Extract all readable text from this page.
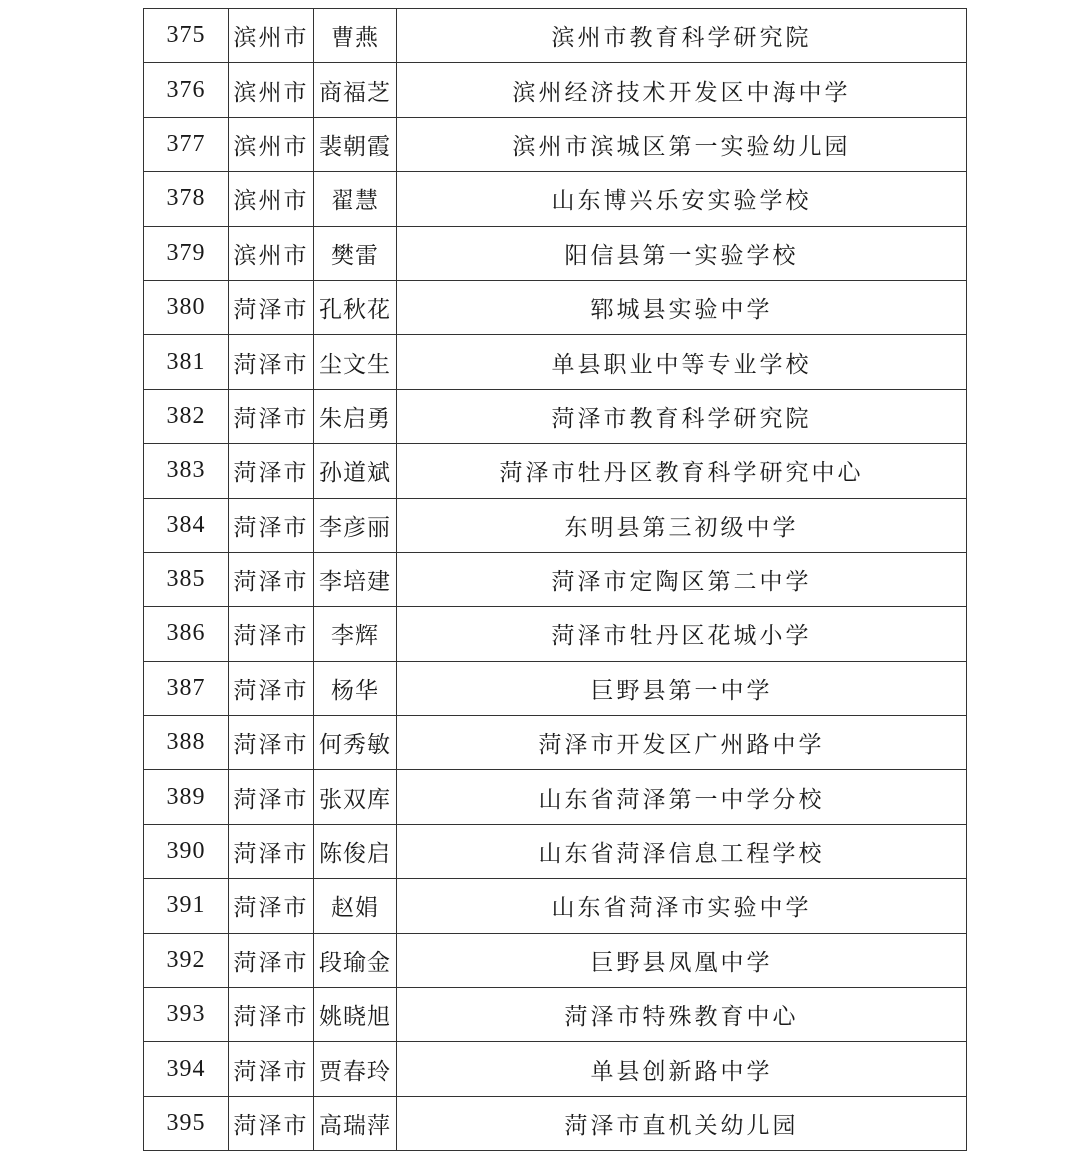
375	滨州市	曹燕	滨州市教育科学研究院
376	滨州市	商福芝	滨州经济技术开发区中海中学
377	滨州市	裴朝霞	滨州市滨城区第一实验幼儿园
378	滨州市	翟慧	山东博兴乐安实验学校
379	滨州市	樊雷	阳信县第一实验学校
380	菏泽市	孔秋花	郓城县实验中学
381	菏泽市	尘文生	单县职业中等专业学校
382	菏泽市	朱启勇	菏泽市教育科学研究院
383	菏泽市	孙道斌	菏泽市牡丹区教育科学研究中心
384	菏泽市	李彦丽	东明县第三初级中学
385	菏泽市	李培建	菏泽市定陶区第二中学
386	菏泽市	李辉	菏泽市牡丹区花城小学
387	菏泽市	杨华	巨野县第一中学
388	菏泽市	何秀敏	菏泽市开发区广州路中学
389	菏泽市	张双库	山东省菏泽第一中学分校
390	菏泽市	陈俊启	山东省菏泽信息工程学校
391	菏泽市	赵娟	山东省菏泽市实验中学
392	菏泽市	段瑜金	巨野县凤凰中学
393	菏泽市	姚晓旭	菏泽市特殊教育中心
394	菏泽市	贾春玲	单县创新路中学
395	菏泽市	高瑞萍	菏泽市直机关幼儿园
